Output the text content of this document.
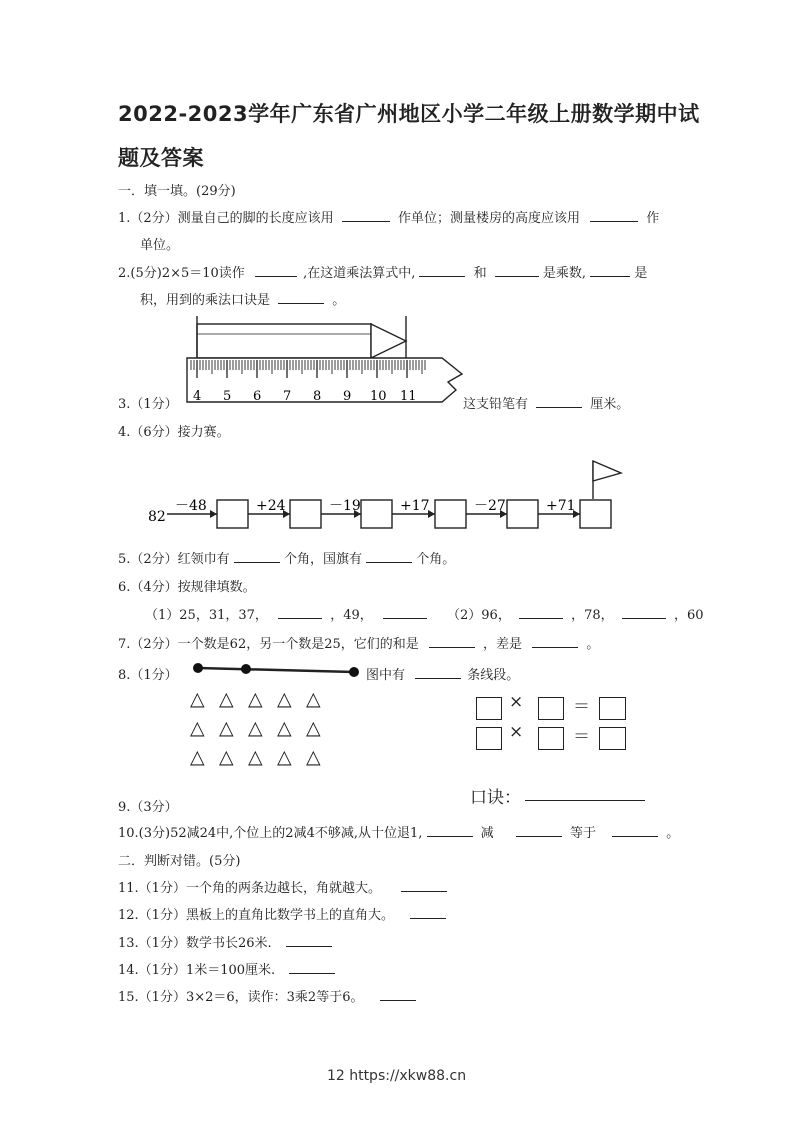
2022-2023学年广东省广州地区小学二年级上册数学期中试
题及答案
一．填一填。(29分)
1.（2分）测量自己的脚的长度应该用	作单位；测量楼房的高度应该用	作
单位。
2.(5分)2×5＝10读作	,在这道乘法算式中,	和	是乘数,	是
积，用到的乘法口诀是	。
4 5 6 7 8 9 10 11
3.（1分）	这支铅笔有	厘米。
4.（6分）接力赛。
82
－48	+24	－19	+17	－27	+71
5.（2分）红领巾有	个角，国旗有	个角。
6.（4分）按规律填数。
（1）25，31，37，	，49，	（2）96，	，78，	，60
7.（2分）一个数是62，另一个数是25，它们的和是	，差是	。
8.（1分）	图中有	条线段。
△ △ △ △ △
△ △ △ △ △
△ △ △ △ △
×	＝
×	＝
口诀：
9.（3分）
10.(3分)52减24中,个位上的2减4不够减,从十位退1,	减	等于	。
二．判断对错。(5分)
11.（1分）一个角的两条边越长，角就越大。
12.（1分）黑板上的直角比数学书上的直角大。
13.（1分）数学书长26米.
14.（1分）1米＝100厘米.
15.（1分）3×2＝6，读作：3乘2等于6。
12 https://xkw88.cn
